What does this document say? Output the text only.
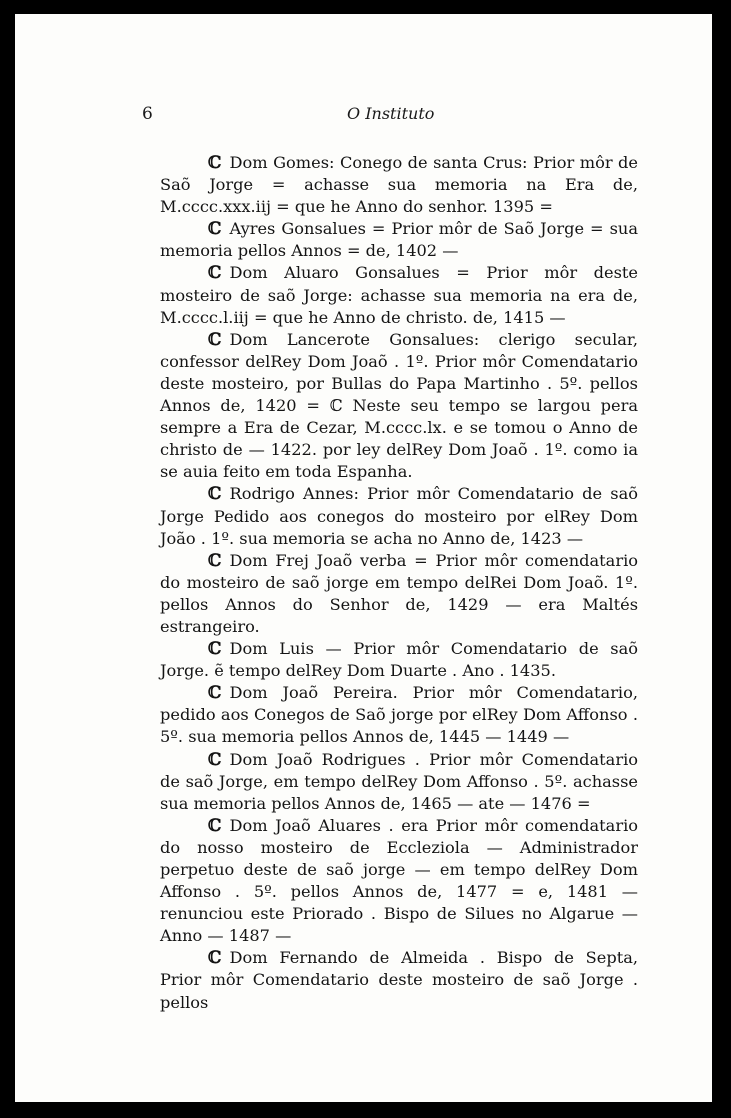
6	O Instituto

ℂ Dom Gomes: Conego de santa Crus: Prior môr de Saõ Jorge = achasse sua memoria na Era de, M.cccc.xxx.iij = que he Anno do senhor. 1395 =

ℂ Ayres Gonsalues = Prior môr de Saõ Jorge = sua memoria pellos Annos = de, 1402 —

ℂ Dom Aluaro Gonsalues = Prior môr deste mosteiro de saõ Jorge: achasse sua memoria na era de, M.cccc.l.iij = que he Anno de christo. de, 1415 —

ℂ Dom Lancerote Gonsalues: clerigo secular, confessor delRey Dom Joaõ . 1º. Prior môr Comendatario deste mosteiro, por Bullas do Papa Martinho . 5º. pellos Annos de, 1420 = ℂ Neste seu tempo se largou pera sempre a Era de Cezar, M.cccc.lx. e se tomou o Anno de christo de — 1422. por ley delRey Dom Joaõ . 1º. como ia se auia feito em toda Espanha.

ℂ Rodrigo Annes: Prior môr Comendatario de saõ Jorge Pedido aos conegos do mosteiro por elRey Dom João . 1º. sua memoria se acha no Anno de, 1423 —

ℂ Dom Frej Joaõ verba = Prior môr comendatario do mosteiro de saõ jorge em tempo delRei Dom Joaõ. 1º. pellos Annos do Senhor de, 1429 — era Maltés estrangeiro.

ℂ Dom Luis — Prior môr Comendatario de saõ Jorge. ẽ tempo delRey Dom Duarte . Ano . 1435.

ℂ Dom Joaõ Pereira. Prior môr Comendatario, pedido aos Conegos de Saõ jorge por elRey Dom Affonso . 5º. sua memoria pellos Annos de, 1445 — 1449 —

ℂ Dom Joaõ Rodrigues . Prior môr Comendatario de saõ Jorge, em tempo delRey Dom Affonso . 5º. achasse sua memoria pellos Annos de, 1465 — ate — 1476 =

ℂ Dom Joaõ Aluares . era Prior môr comendatario do nosso mosteiro de Eccleziola — Administrador perpetuo deste de saõ jorge — em tempo delRey Dom Affonso . 5º. pellos Annos de, 1477 = e, 1481 — renunciou este Priorado . Bispo de Silues no Algarue — Anno — 1487 —

ℂ Dom Fernando de Almeida . Bispo de Septa, Prior môr Comendatario deste mosteiro de saõ Jorge . pellos
